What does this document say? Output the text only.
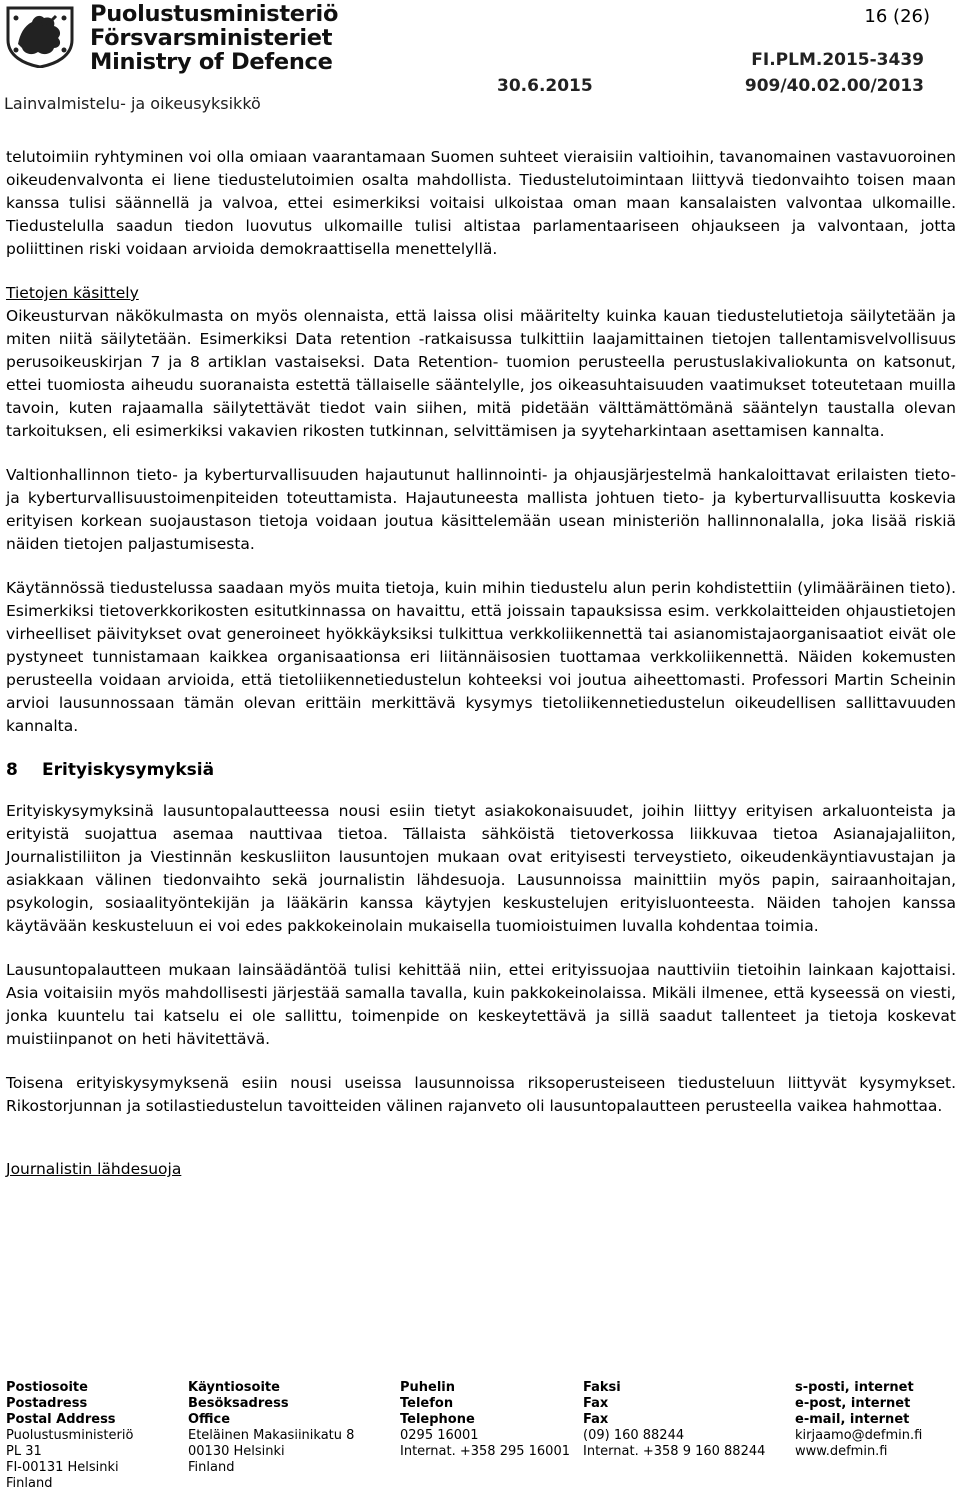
Puolustusministeriö
Försvarsministeriet
Ministry of Defence
Lainvalmistelu- ja oikeusyksikkö
16 (26)
FI.PLM.2015-3439
30.6.2015	909/40.02.00/2013

telutoimiin ryhtyminen voi olla omiaan vaarantamaan Suomen suhteet vieraisiin valtioihin, tavanomainen vastavuoroinen oikeudenvalvonta ei liene tiedustelutoimien osalta mahdollista. Tiedustelutoimintaan liittyvä tiedonvaihto toisen maan kanssa tulisi säännellä ja valvoa, ettei esimerkiksi voitaisi ulkoistaa oman maan kansalaisten valvontaa ulkomaille. Tiedustelulla saadun tiedon luovutus ulkomaille tulisi altistaa parlamentaariseen ohjaukseen ja valvontaan, jotta poliittinen riski voidaan arvioida demokraattisella menettelyllä.

Tietojen käsittely

Oikeusturvan näkökulmasta on myös olennaista, että laissa olisi määritelty kuinka kauan tiedustelutietoja säilytetään ja miten niitä säilytetään. Esimerkiksi Data retention -ratkaisussa tulkittiin laajamittainen tietojen tallentamisvelvollisuus perusoikeuskirjan 7 ja 8 artiklan vastaiseksi. Data Retention- tuomion perusteella perustuslakivaliokunta on katsonut, ettei tuomiosta aiheudu suoranaista estettä tällaiselle sääntelylle, jos oikeasuhtaisuuden vaatimukset toteutetaan muilla tavoin, kuten rajaamalla säilytettävät tiedot vain siihen, mitä pidetään välttämättömänä sääntelyn taustalla olevan tarkoituksen, eli esimerkiksi vakavien rikosten tutkinnan, selvittämisen ja syyteharkintaan asettamisen kannalta.

Valtionhallinnon tieto- ja kyberturvallisuuden hajautunut hallinnointi- ja ohjausjärjestelmä hankaloittavat erilaisten tieto- ja kyberturvallisuustoimenpiteiden toteuttamista. Hajautuneesta mallista johtuen tieto- ja kyberturvallisuutta koskevia erityisen korkean suojaustason tietoja voidaan joutua käsittelemään usean ministeriön hallinnonalalla, joka lisää riskiä näiden tietojen paljastumisesta.

Käytännössä tiedustelussa saadaan myös muita tietoja, kuin mihin tiedustelu alun perin kohdistettiin (ylimääräinen tieto). Esimerkiksi tietoverkkorikosten esitutkinnassa on havaittu, että joissain tapauksissa esim. verkkolaitteiden ohjaustietojen virheelliset päivitykset ovat generoineet hyökkäyksiksi tulkittua verkkoliikennettä tai asianomistajaorganisaatiot eivät ole pystyneet tunnistamaan kaikkea organisaationsa eri liitännäisosien tuottamaa verkkoliikennettä. Näiden kokemusten perusteella voidaan arvioida, että tietoliikennetiedustelun kohteeksi voi joutua aiheettomasti. Professori Martin Scheinin arvioi lausunnossaan tämän olevan erittäin merkittävä kysymys tietoliikennetiedustelun oikeudellisen sallittavuuden kannalta.

8 Erityiskysymyksiä

Erityiskysymyksinä lausuntopalautteessa nousi esiin tietyt asiakokonaisuudet, joihin liittyy erityisen arkaluonteista ja erityistä suojattua asemaa nauttivaa tietoa. Tällaista sähköistä tietoverkossa liikkuvaa tietoa Asianajajaliiton, Journalistiliiton ja Viestinnän keskusliiton lausuntojen mukaan ovat erityisesti terveystieto, oikeudenkäyntiavustajan ja asiakkaan välinen tiedonvaihto sekä journalistin lähdesuoja. Lausunnoissa mainittiin myös papin, sairaanhoitajan, psykologin, sosiaalityöntekijän ja lääkärin kanssa käytyjen keskustelujen erityisluonteesta. Näiden tahojen kanssa käytävään keskusteluun ei voi edes pakkokeinolain mukaisella tuomioistuimen luvalla kohdentaa toimia.

Lausuntopalautteen mukaan lainsäädäntöä tulisi kehittää niin, ettei erityissuojaa nauttiviin tietoihin lainkaan kajottaisi. Asia voitaisiin myös mahdollisesti järjestää samalla tavalla, kuin pakkokeinolaissa. Mikäli ilmenee, että kyseessä on viesti, jonka kuuntelu tai katselu ei ole sallittu, toimenpide on keskeytettävä ja sillä saadut tallenteet ja tietoja koskevat muistiinpanot on heti hävitettävä.

Toisena erityiskysymyksenä esiin nousi useissa lausunnoissa riksoperusteiseen tiedusteluun liittyvät kysymykset. Rikostorjunnan ja sotilastiedustelun tavoitteiden välinen rajanveto oli lausuntopalautteen perusteella vaikea hahmottaa.

Journalistin lähdesuoja
Postiosoite
Postadress
Postal Address
Puolustusministeriö
PL 31
FI-00131 Helsinki
Finland
Käyntiosoite
Besöksadress
Office
Eteläinen Makasiinikatu 8
00130 Helsinki
Finland
Puhelin
Telefon
Telephone
0295 16001
Internat. +358 295 16001
Faksi
Fax
Fax
(09) 160 88244
Internat. +358 9 160 88244
s-posti, internet
e-post, internet
e-mail, internet
kirjaamo@defmin.fi
www.defmin.fi
